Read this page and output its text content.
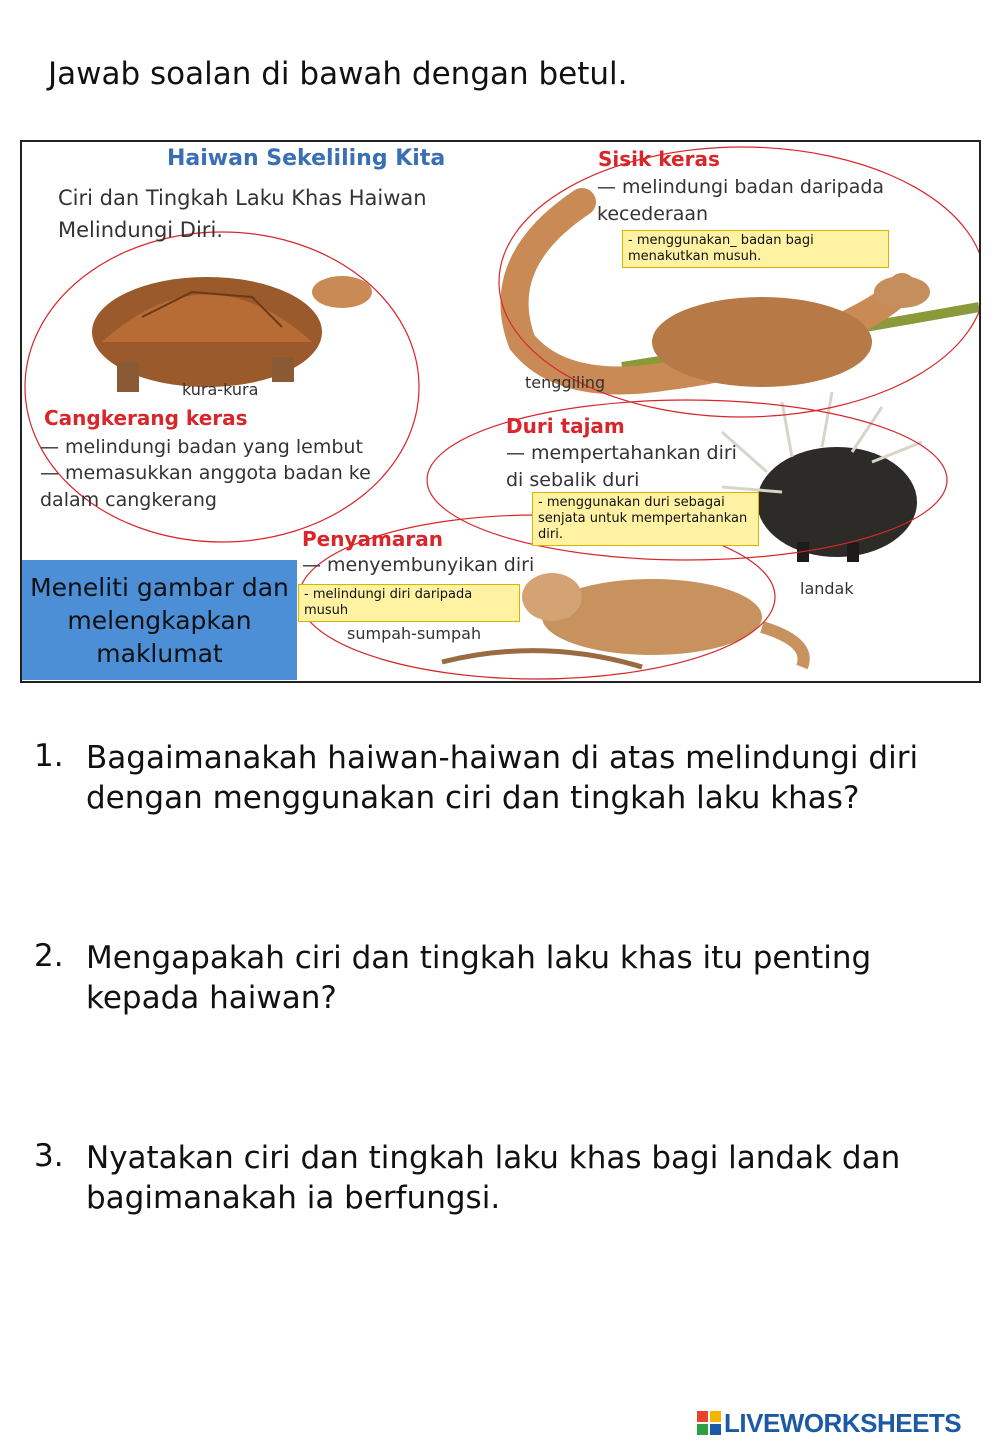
Jawab soalan di bawah dengan betul.
Haiwan Sekeliling Kita
Ciri dan Tingkah Laku Khas Haiwan Melindungi Diri.
kura-kura
Cangkerang keras
— melindungi badan yang lembut
— memasukkan anggota badan ke dalam cangkerang
Sisik keras
— melindungi badan daripada kecederaan
- menggunakan_ badan bagi menakutkan musuh.
tenggiling
Duri tajam
— mempertahankan diri di sebalik duri
- menggunakan duri sebagai senjata untuk mempertahankan diri.
landak
Penyamaran
— menyembunyikan diri
- melindungi diri daripada musuh
sumpah-sumpah
Meneliti gambar dan melengkapkan maklumat
1. Bagaimanakah haiwan-haiwan di atas melindungi diri dengan menggunakan ciri dan tingkah laku khas?
2. Mengapakah ciri dan tingkah laku khas itu penting kepada haiwan?
3. Nyatakan ciri dan tingkah laku khas bagi landak dan bagimanakah ia berfungsi.
LIVEWORKSHEETS
